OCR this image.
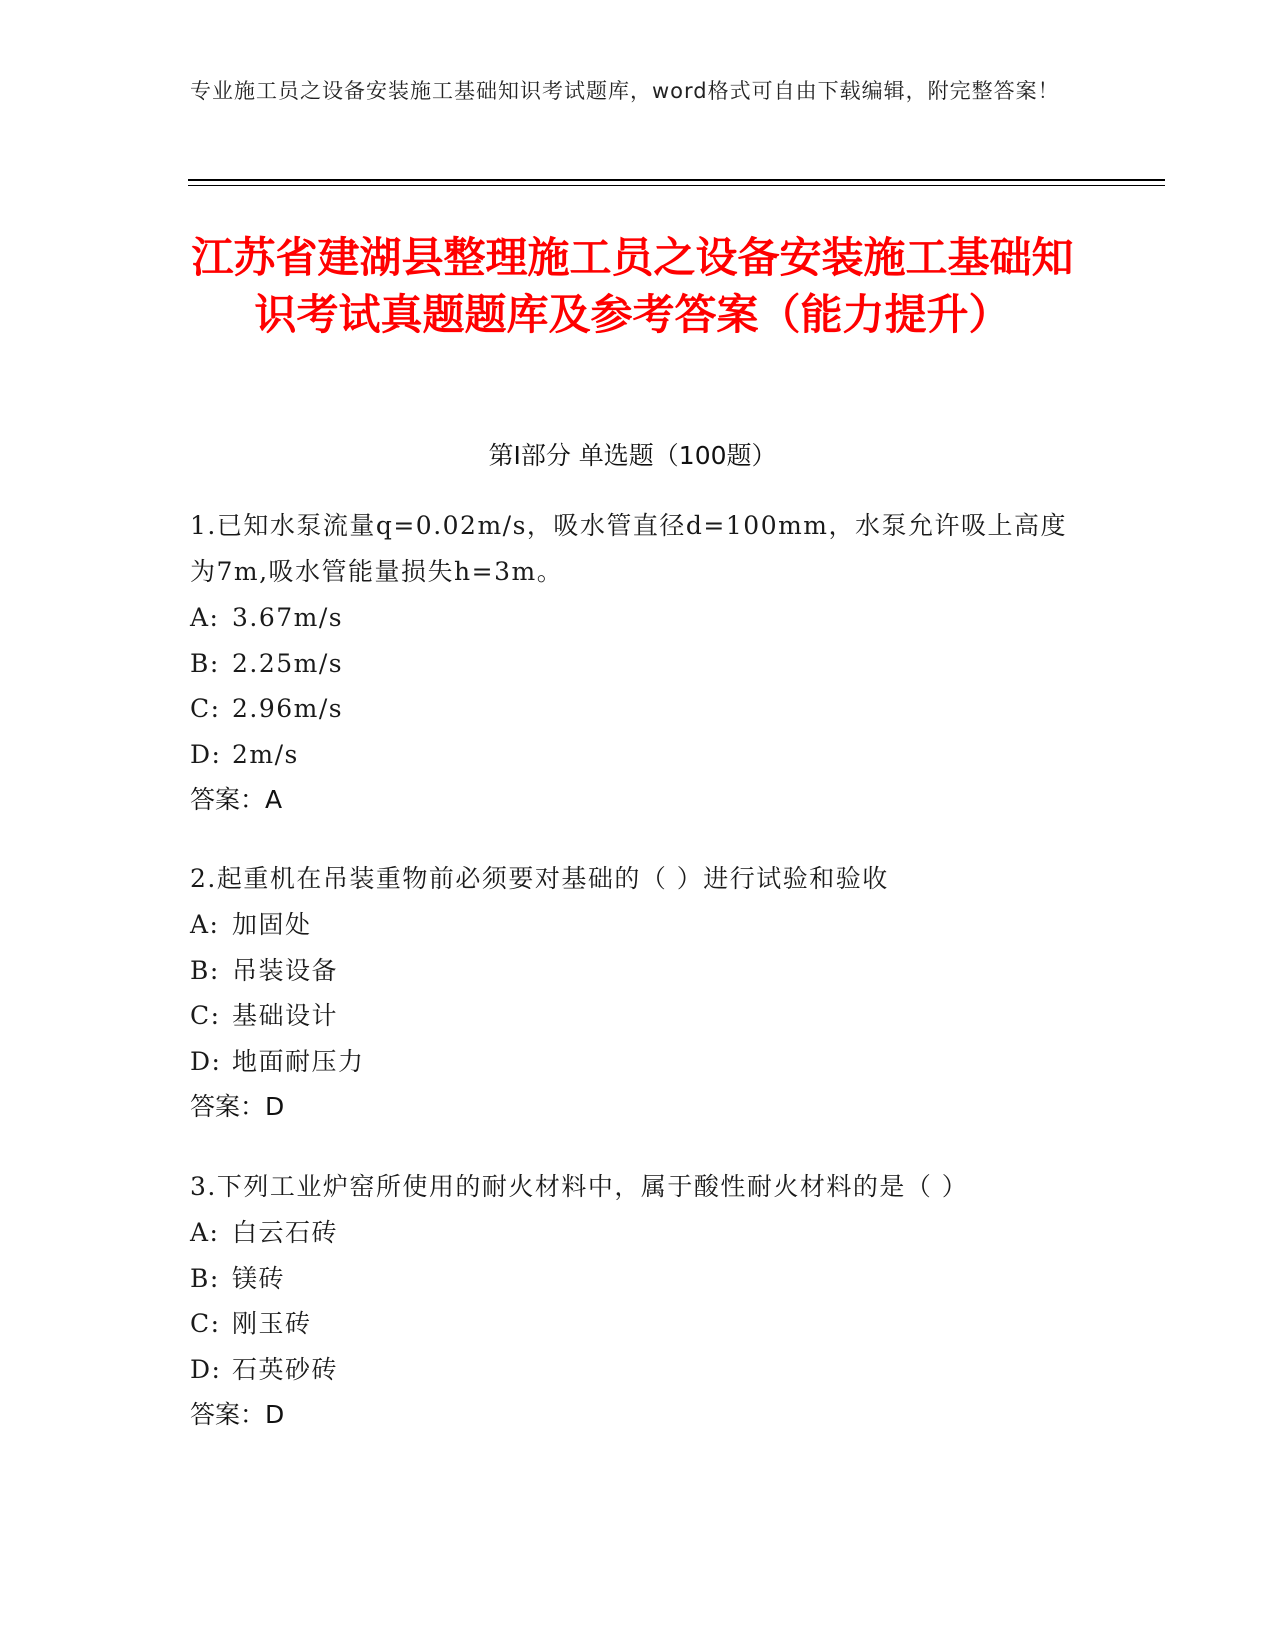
专业施工员之设备安装施工基础知识考试题库，word格式可自由下载编辑，附完整答案！
江苏省建湖县整理施工员之设备安装施工基础知识考试真题题库及参考答案（能力提升）
第Ⅰ部分 单选题（100题）

1.已知水泵流量q=0.02m/s，吸水管直径d=100mm，水泵允许吸上高度为7m,吸水管能量损失h=3m。

A: 3.67m/s

B: 2.25m/s

C: 2.96m/s

D: 2m/s

答案：A

2.起重机在吊装重物前必须要对基础的（ ）进行试验和验收

A: 加固处

B: 吊装设备

C: 基础设计

D: 地面耐压力

答案：D

3.下列工业炉窑所使用的耐火材料中，属于酸性耐火材料的是（ ）

A: 白云石砖

B: 镁砖

C: 刚玉砖

D: 石英砂砖

答案：D
